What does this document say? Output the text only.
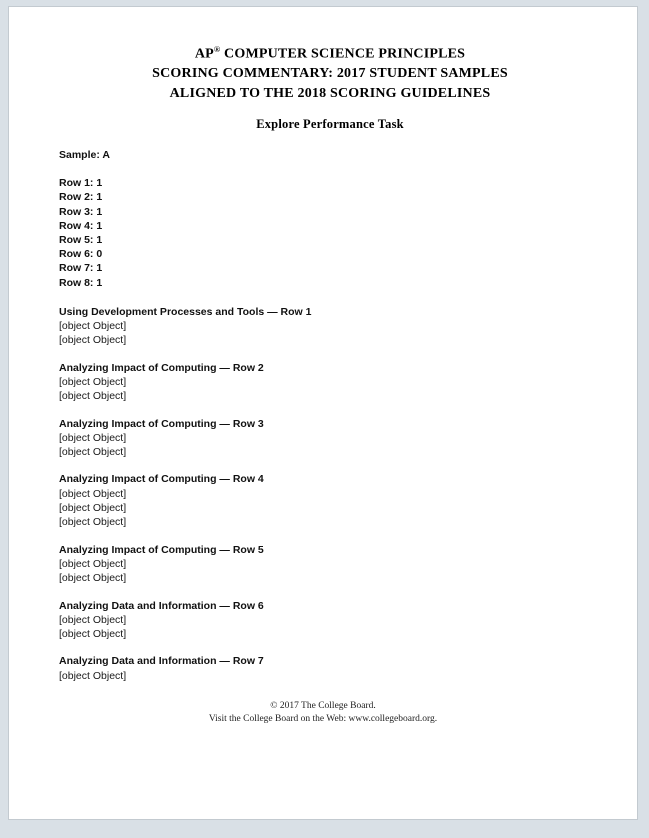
AP® COMPUTER SCIENCE PRINCIPLES
SCORING COMMENTARY: 2017 STUDENT SAMPLES
ALIGNED TO THE 2018 SCORING GUIDELINES
Explore Performance Task
Sample: A
Row 1: 1
Row 2: 1
Row 3: 1
Row 4: 1
Row 5: 1
Row 6: 0
Row 7: 1
Row 8: 1
Using Development Processes and Tools — Row 1
[object Object]
[object Object]
Analyzing Impact of Computing — Row 2
[object Object]
[object Object]
Analyzing Impact of Computing — Row 3
[object Object]
[object Object]
Analyzing Impact of Computing — Row 4
[object Object]
[object Object]
[object Object]
Analyzing Impact of Computing — Row 5
[object Object]
[object Object]
Analyzing Data and Information — Row 6
[object Object]
[object Object]
Analyzing Data and Information — Row 7
[object Object]
© 2017 The College Board.
Visit the College Board on the Web: www.collegeboard.org.
